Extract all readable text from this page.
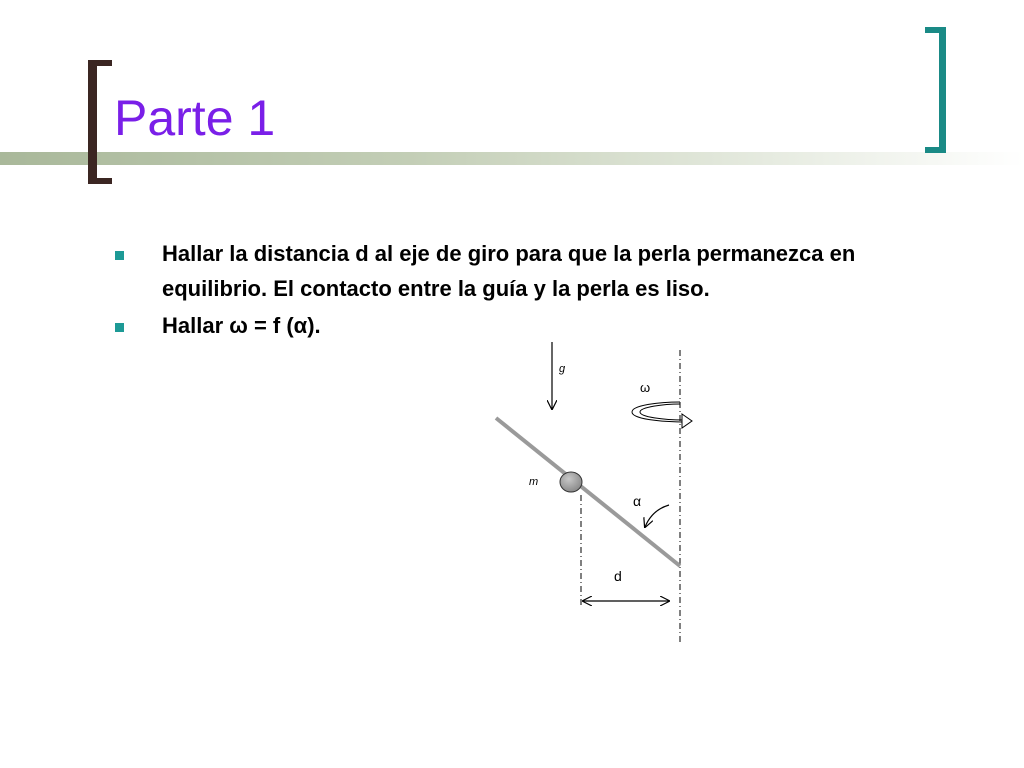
Parte 1
Hallar la distancia d al eje de giro para que la perla permanezca en equilibrio. El contacto entre la guía y la perla es liso.
Hallar ω = f (α).
g
ω
m
α
d
